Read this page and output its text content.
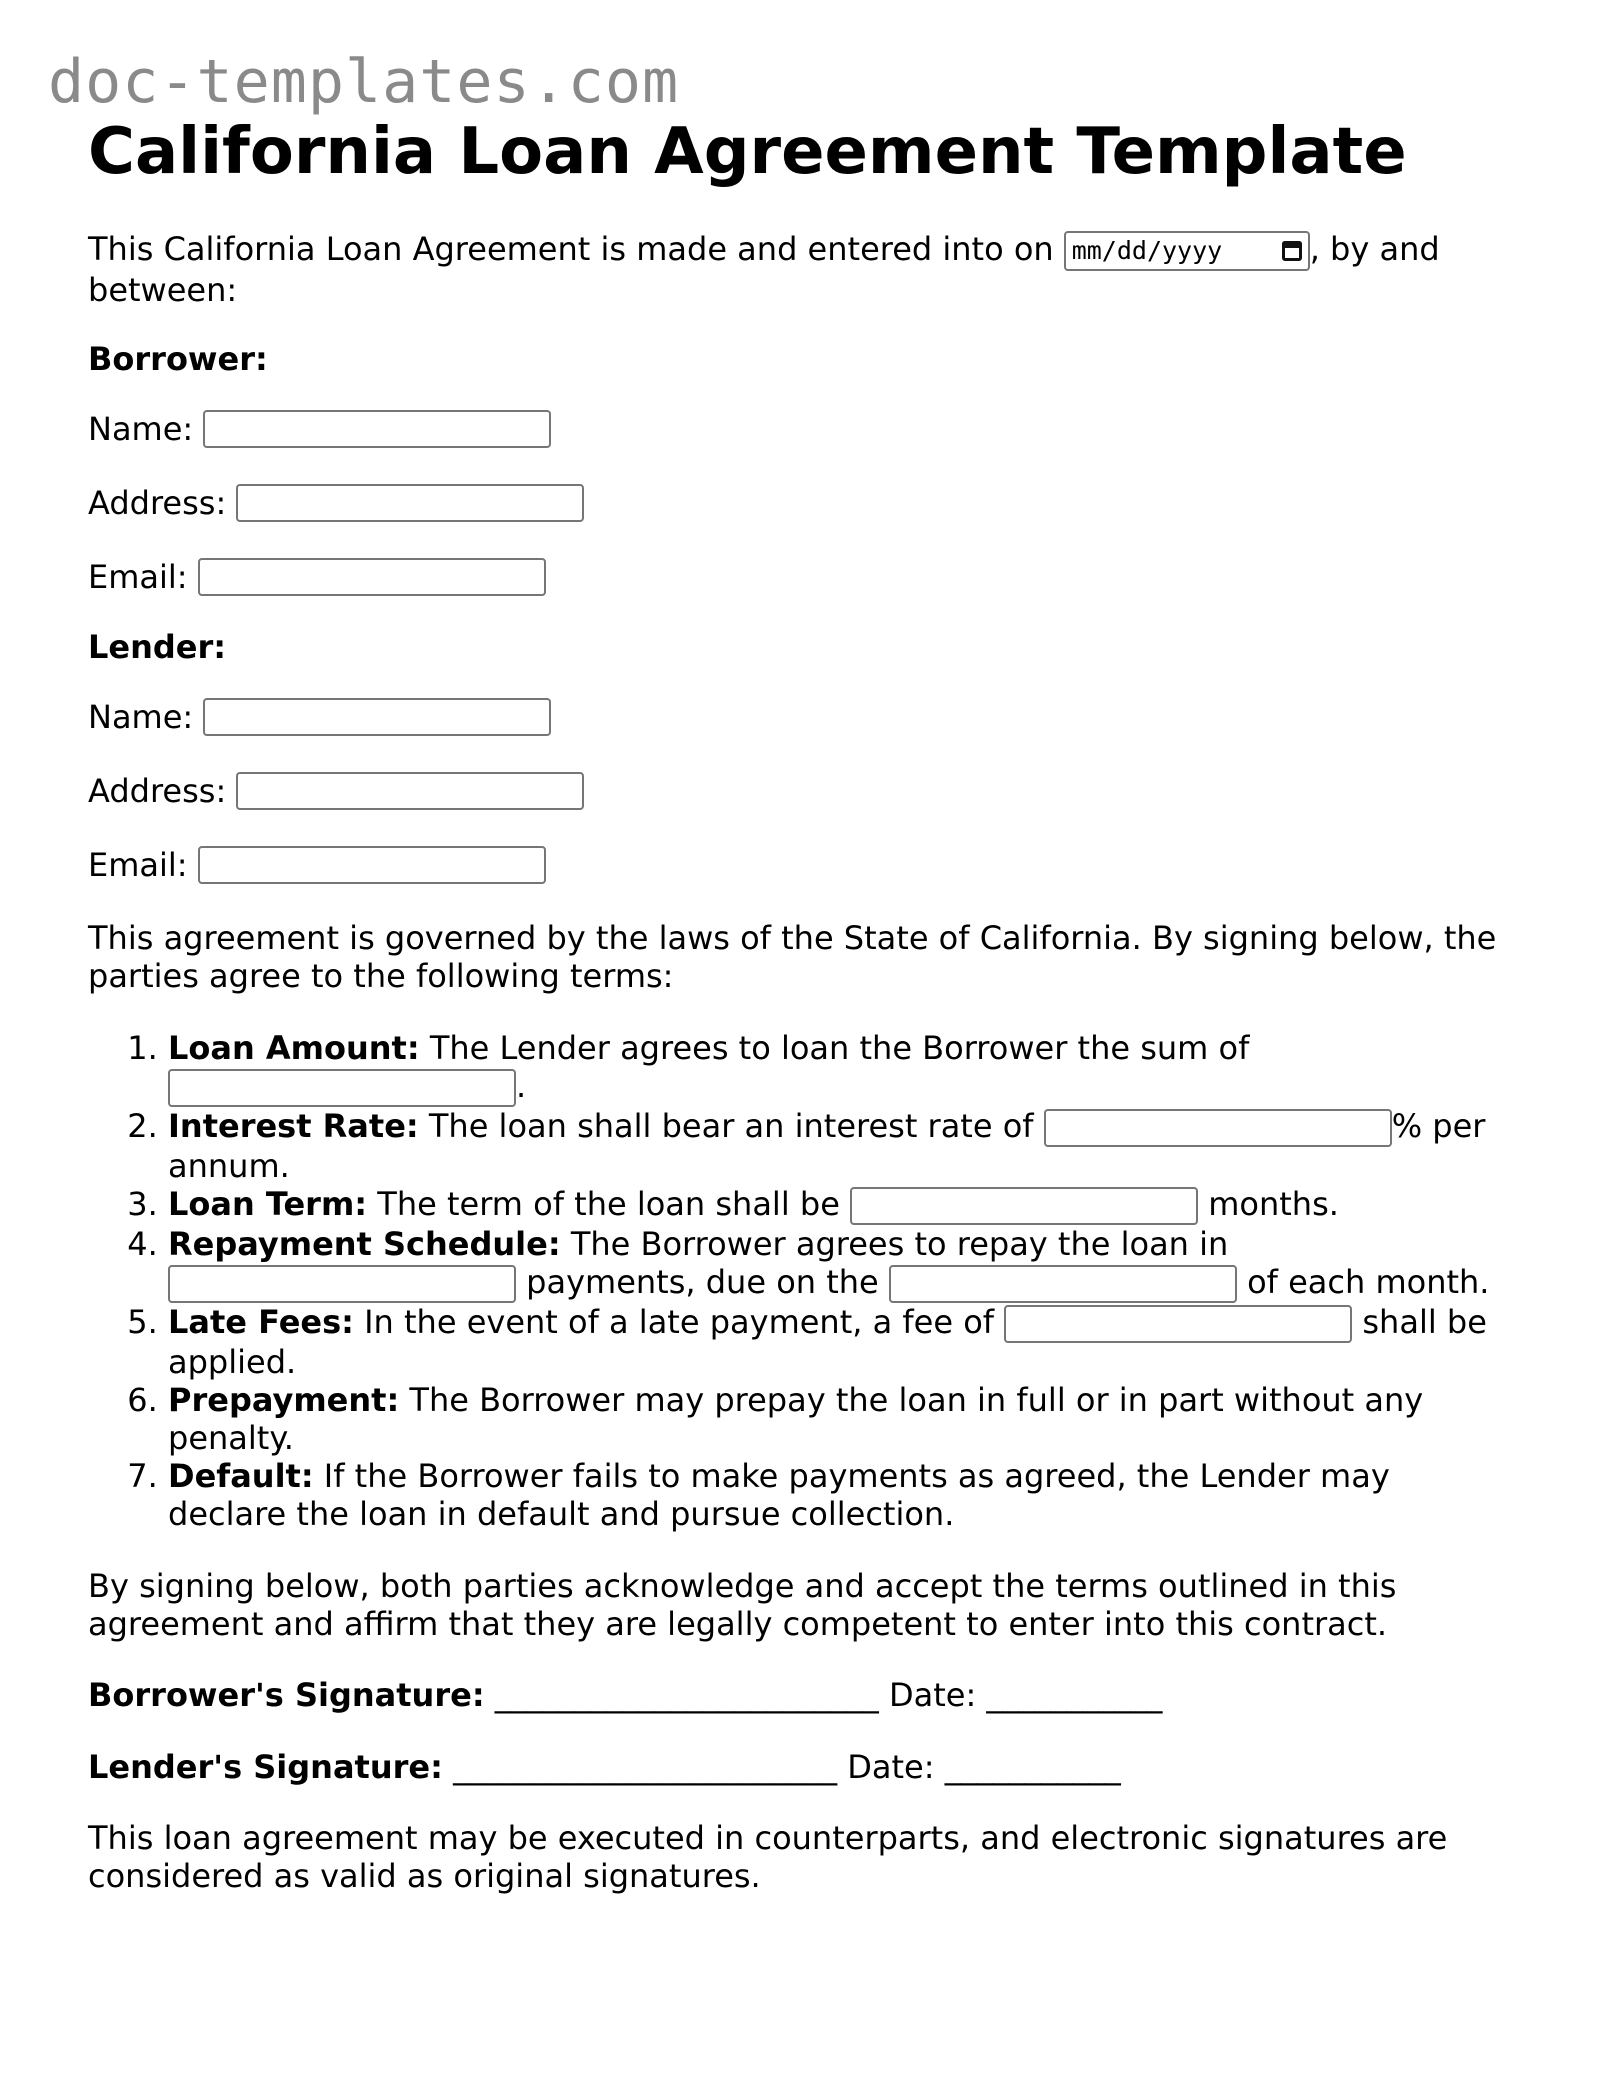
doc-templates.com
California Loan Agreement Template

This California Loan Agreement is made and entered into on mm/dd/yyyy	, by and between:

Borrower:

Name:
Address:
Email:

Lender:

Name:
Address:
Email:

This agreement is governed by the laws of the State of California. By signing below, the parties agree to the following terms:

1. Loan Amount: The Lender agrees to loan the Borrower the sum of .
2. Interest Rate: The loan shall bear an interest rate of	% per annum.
3. Loan Term: The term of the loan shall be	months.
4. Repayment Schedule: The Borrower agrees to repay the loan in  payments, due on the	of each month.
5. Late Fees: In the event of a late payment, a fee of	shall be applied.
6. Prepayment: The Borrower may prepay the loan in full or in part without any penalty.
7. Default: If the Borrower fails to make payments as agreed, the Lender may declare the loan in default and pursue collection.

By signing below, both parties acknowledge and accept the terms outlined in this agreement and affirm that they are legally competent to enter into this contract.

Borrower's Signature: ________________________ Date: ___________

Lender's Signature: ________________________ Date: ___________

This loan agreement may be executed in counterparts, and electronic signatures are considered as valid as original signatures.
